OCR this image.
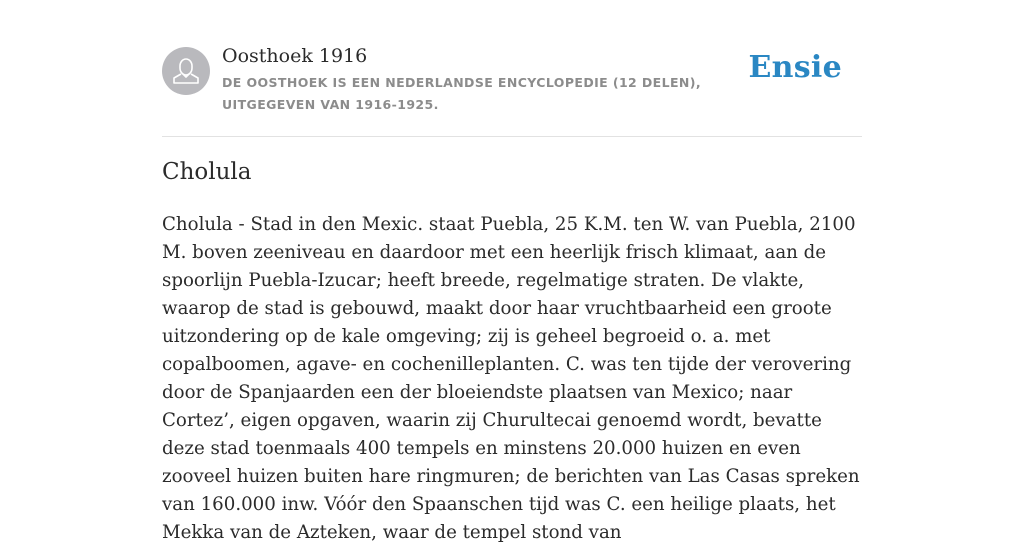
Oosthoek 1916

DE OOSTHOEK IS EEN NEDERLANDSE ENCYCLOPEDIE (12 DELEN), UITGEGEVEN VAN 1916-1925.

Ensie
Cholula

Cholula - Stad in den Mexic. staat Puebla, 25 K.M. ten W. van Puebla, 2100 M. boven zeeniveau en daardoor met een heerlijk frisch klimaat, aan de spoorlijn Puebla-Izucar; heeft breede, regelmatige straten. De vlakte, waarop de stad is gebouwd, maakt door haar vruchtbaarheid een groote uitzondering op de kale omgeving; zij is geheel begroeid o. a. met copalboomen, agave- en cochenilleplanten. C. was ten tijde der verovering door de Spanjaarden een der bloeiendste plaatsen van Mexico; naar Cortez’, eigen opgaven, waarin zij Churultecai genoemd wordt, bevatte deze stad toenmaals 400 tempels en minstens 20.000 huizen en even zooveel huizen buiten hare ringmuren; de berichten van Las Casas spreken van 160.000 inw. Vóór den Spaanschen tijd was C. een heilige plaats, het Mekka van de Azteken, waar de tempel stond van
